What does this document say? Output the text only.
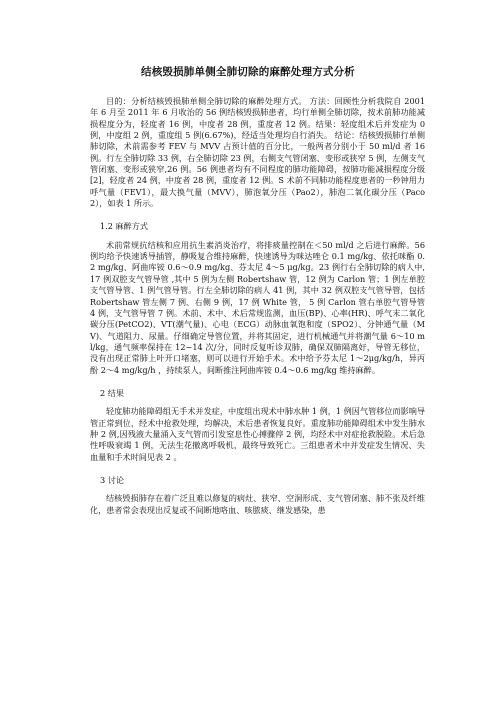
结核毁损肺单侧全肺切除的麻醉处理方式分析

目的：分析结核毁损肺单侧全肺切除的麻醉处理方式。 方法：回顾性分析我院自 2001 年 6 月至 2011 年 6 月收治的 56 例结核毁损肺患者，均行单侧全肺切除，按术前肺功能减损程度分为，轻度者 16 例，中度者 28 例，重度者 12 例。结果：轻度组术后并发症为 0 例，中度组 2 例，重度组 5 例(6.67%)，经适当处理均自行消失。 结论：结核毁损肺行单侧肺切除，术前需参考 FEV 与 MVV 占预计值的百分比，一般两者分别小于 50 ml/d 者 16 例。行左全肺切除 33 例，右全肺切除 23 例，右侧支气管闭塞、变形或狭窄 5 例，左侧支气管闭塞、变形或狭窄,26 例。56 例患者均有不同程度的肺功能障碍，按肺功能减损程度分级[2]，轻度者 24 例，中度者 28 例，重度者 12 例。S 术前不同肺功能程度患者的一秒钟用力呼气量（FEV1），最大换气量（MVV），肺泡氧分压（Pao2），肺泡二氧化碳分压（Paco2），如表 1 所示。

1.2 麻醉方式

术前常规抗结核和应用抗生素消炎治疗，将排痰量控制在＜50 ml/d 之后进行麻醉。56 例均给予快速诱导插管，静吸复合维持麻醉，快速诱导为咪达唑仑 0.1 mg/kg、依托咪酯 0.2 mg/kg、阿曲库铵 0.6～0.9 mg/kg、芬太尼 4～5 μg/kg。23 例行右全肺切除的病人中,17 例双腔支气管导管 ,其中 5 例为左侧 Robertshaw 管，12 例为 Carlon 管；1 例左单腔支气管导管、1 例气管导管。行左全肺切除的病人 41 例，其中 32 例双腔支气管导管，包括 Robertshaw 管左侧 7 例、右侧 9 例，17 例 White 管， 5 例 Carlon 管右单腔气管导管 4 例，支气管导管 7 例。术前、术中、术后常规监测，血压(BP)、心率(HR)、呼气末二氧化碳分压(PetCO2)、VT(潮气量)、心电（ECG）动脉血氧饱和度（SPO2）、分钟通气量（MV)、气道阻力、尿量。仔细确定导管位置，并将其固定，进行机械通气并将潮气量 6～10 ml/kg，通气频率保持在 12~14 次/分，同时反复听诊双肺，确保双肺隔离好，导管无移位，没有出现正常肺上叶开口堵塞，则可以进行开始手术。术中给予芬太尼 1～2μg/kg/h，异丙酚 2～4 mg/kg/h ，持续泵人，间断推注阿曲库铵 0.4～0.6 mg/kg 维持麻醉。

2 结果

轻度肺功能障碍组无手术并发症，中度组出现术中肺水肿 1 例，1 例因气管移位而影响导管正常到位，经术中抢救处理，均解决，术后患者恢复良好。重度肺功能障碍组术中发生肺水肿 2 例,因残液大量涌入支气管而引发窒息性心搏骤停 2 例，均经术中对症抢救脱险。术后急性呼吸衰竭 1 例，无法生花撤离呼吸机，最终导致死亡。三组患者术中并发症发生情况、失血量和手术时间见表 2 。

3 讨论

结核毁损肺存在着广泛且难以修复的病灶、狭窄、空洞形成、支气管闭塞、肺不张及纤维化，患者常会表现出反复或不间断地咯血、咳脓痰、继发感染，患
